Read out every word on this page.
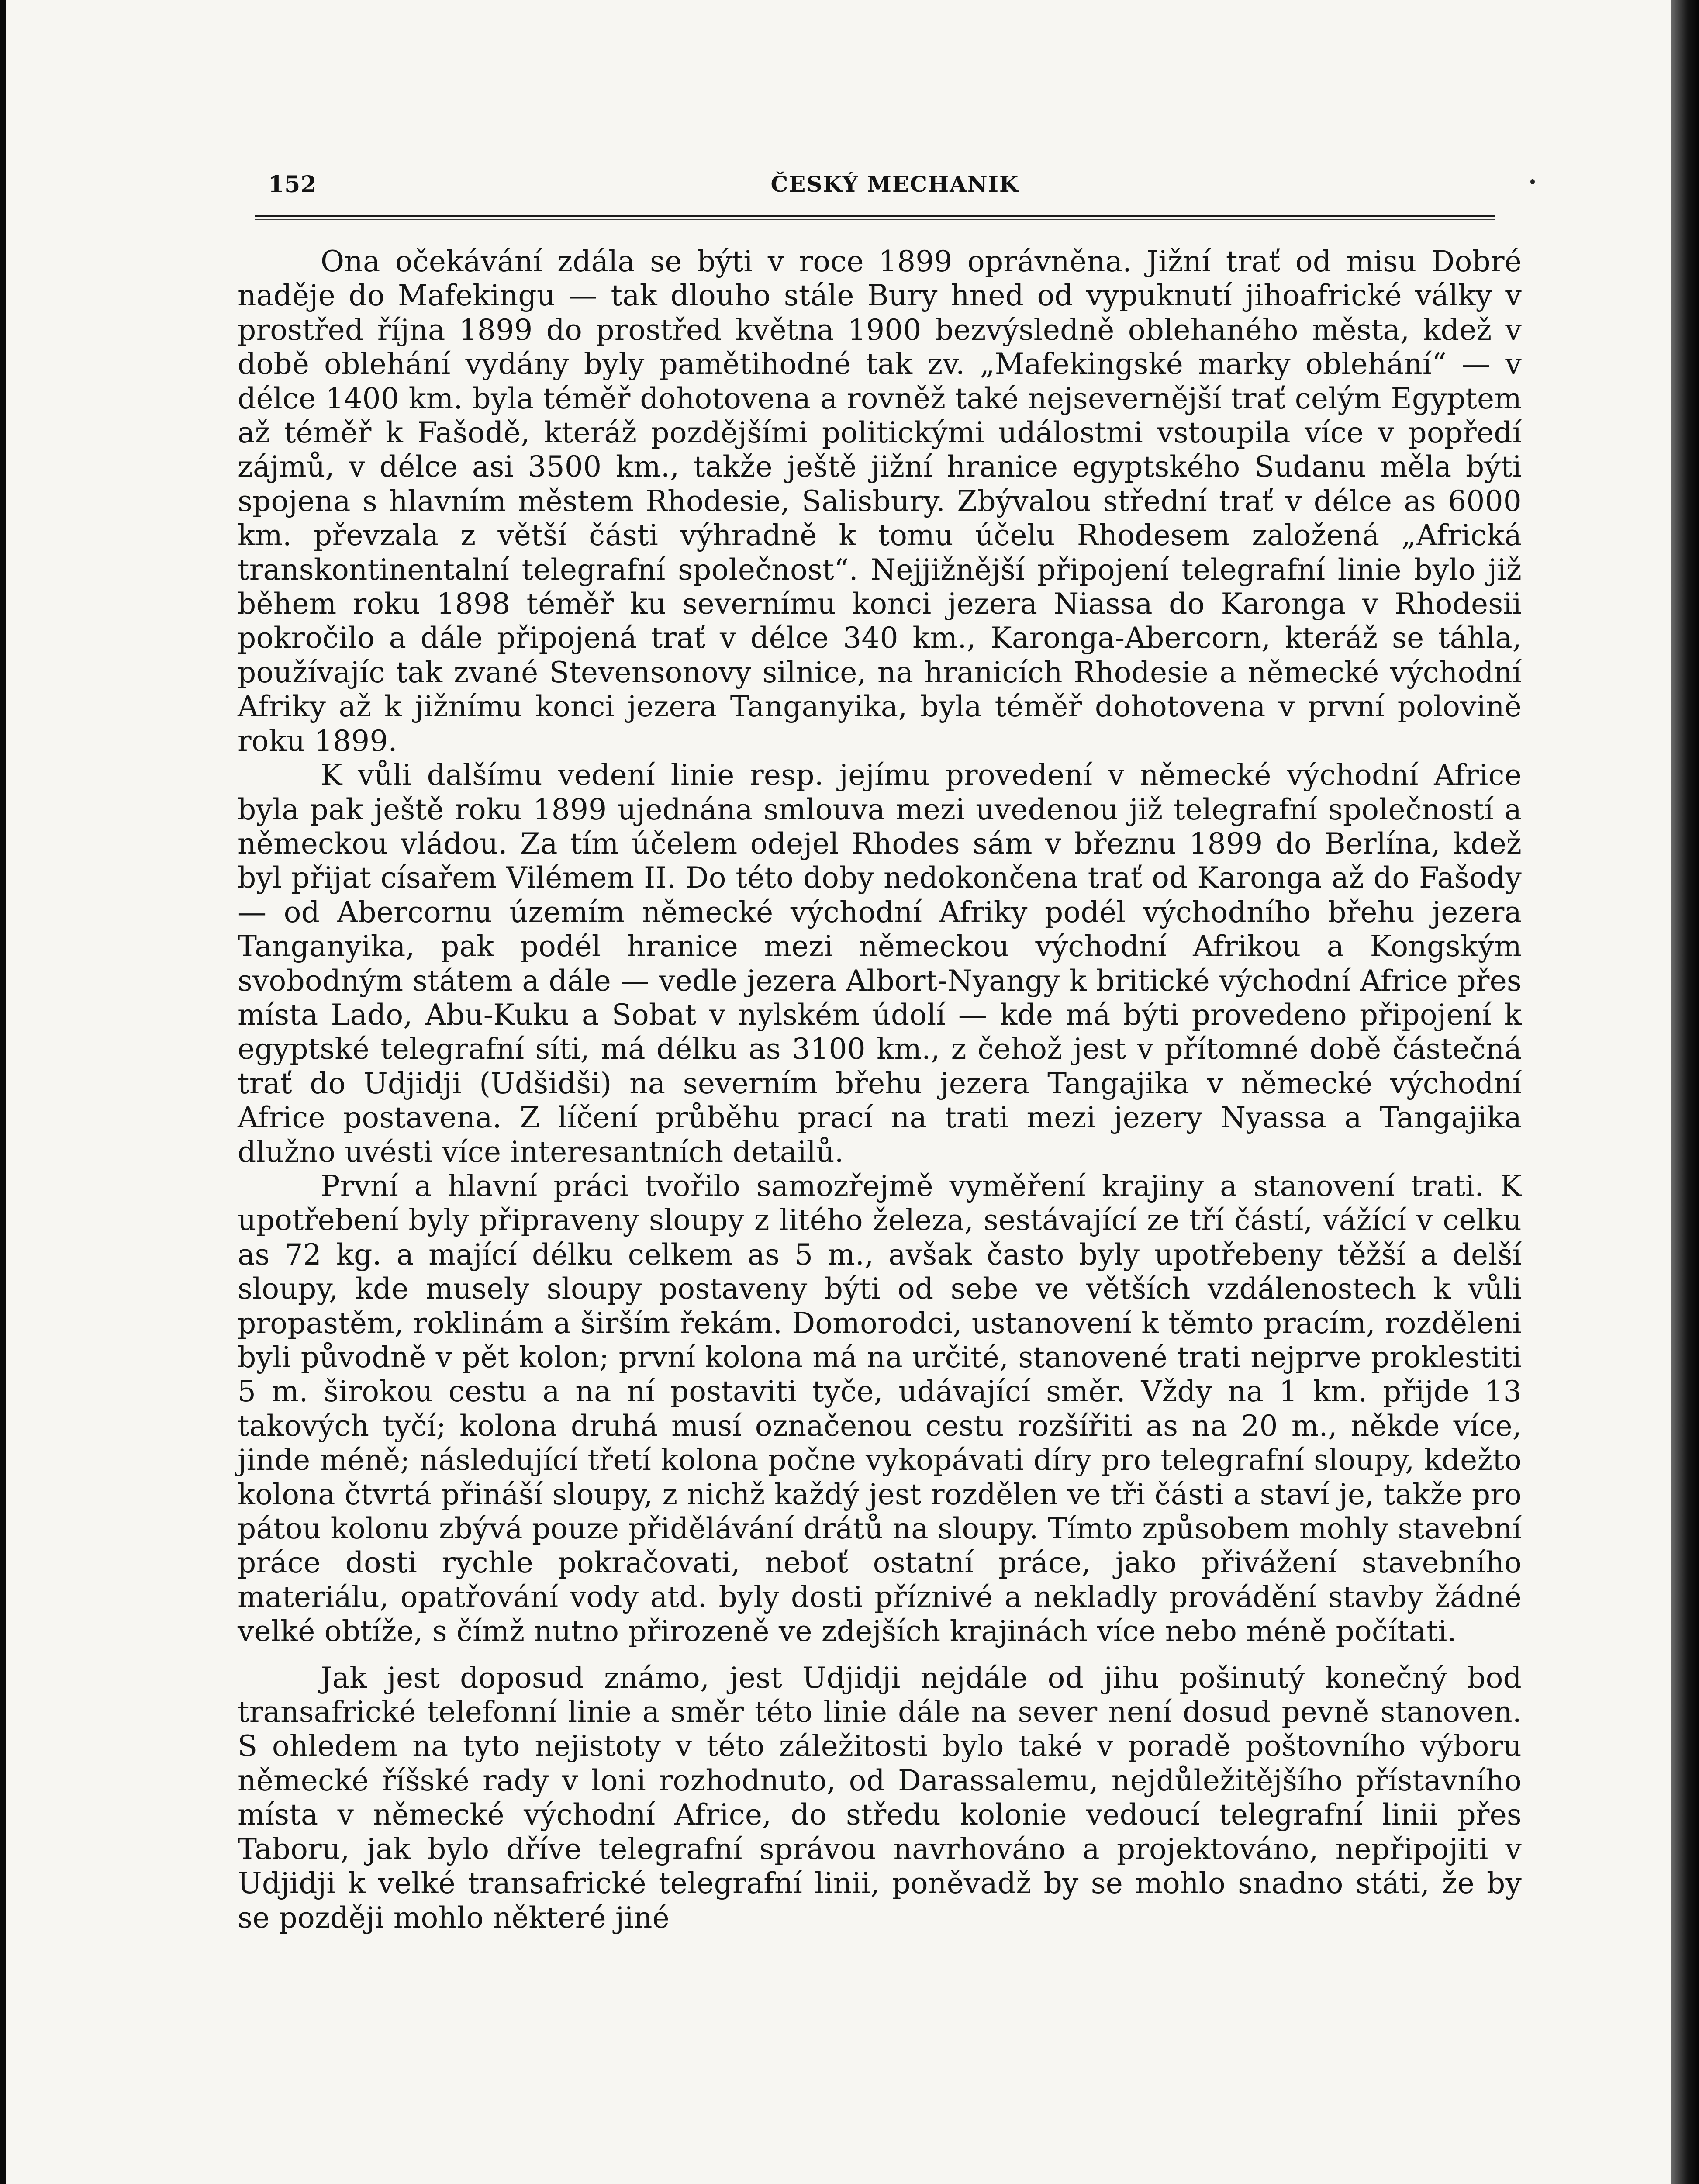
152	ČESKÝ MECHANIK

Ona očekávání zdála se býti v roce 1899 oprávněna. Jižní trať od misu Dobré naděje do Mafekingu — tak dlouho stále Bury hned od vypuknutí jihoafrické války v prostřed října 1899 do prostřed května 1900 bezvýsledně oblehaného města, kdež v době oblehání vydány byly pamětihodné tak zv. „Mafekingské marky oblehání“ — v délce 1400 km. byla téměř dohotovena a rovněž také nejsevernější trať celým Egyptem až téměř k Fašodě, kteráž pozdějšími politickými událostmi vstoupila více v popředí zájmů, v délce asi 3500 km., takže ještě jižní hranice egyptského Sudanu měla býti spojena s hlavním městem Rhodesie, Salisbury. Zbývalou střední trať v délce as 6000 km. převzala z větší části výhradně k tomu účelu Rhodesem založená „Africká transkontinentalní telegrafní společnost“. Nejjižnější připojení telegrafní linie bylo již během roku 1898 téměř ku severnímu konci jezera Niassa do Karonga v Rhodesii pokročilo a dále připojená trať v délce 340 km., Karonga-Abercorn, kteráž se táhla, používajíc tak zvané Stevensonovy silnice, na hranicích Rhodesie a německé východní Afriky až k jižnímu konci jezera Tanganyika, byla téměř dohotovena v první polovině roku 1899.

K vůli dalšímu vedení linie resp. jejímu provedení v německé východní Africe byla pak ještě roku 1899 ujednána smlouva mezi uvedenou již telegrafní společností a německou vládou. Za tím účelem odejel Rhodes sám v březnu 1899 do Berlína, kdež byl přijat císařem Vilémem II. Do této doby nedokončena trať od Karonga až do Fašody — od Abercornu územím německé východní Afriky podél východního břehu jezera Tanganyika, pak podél hranice mezi německou východní Afrikou a Kongským svobodným státem a dále — vedle jezera Albort-Nyangy k britické východní Africe přes místa Lado, Abu-Kuku a Sobat v nylském údolí — kde má býti provedeno připojení k egyptské telegrafní síti, má délku as 3100 km., z čehož jest v přítomné době částečná trať do Udjidji (Udšidši) na severním břehu jezera Tangajika v německé východní Africe postavena. Z líčení průběhu prací na trati mezi jezery Nyassa a Tangajika dlužno uvésti více interesantních detailů.

První a hlavní práci tvořilo samozřejmě vyměření krajiny a stanovení trati. K upotřebení byly připraveny sloupy z litého železa, sestávající ze tří částí, vážící v celku as 72 kg. a mající délku celkem as 5 m., avšak často byly upotřebeny těžší a delší sloupy, kde musely sloupy postaveny býti od sebe ve větších vzdálenostech k vůli propastěm, roklinám a širším řekám. Domorodci, ustanovení k těmto pracím, rozděleni byli původně v pět kolon; první kolona má na určité, stanovené trati nejprve proklestiti 5 m. širokou cestu a na ní postaviti tyče, udávající směr. Vždy na 1 km. přijde 13 takových tyčí; kolona druhá musí označenou cestu rozšířiti as na 20 m., někde více, jinde méně; následující třetí kolona počne vykopávati díry pro telegrafní sloupy, kdežto kolona čtvrtá přináší sloupy, z nichž každý jest rozdělen ve tři části a staví je, takže pro pátou kolonu zbývá pouze přidělávání drátů na sloupy. Tímto způsobem mohly stavební práce dosti rychle pokračovati, neboť ostatní práce, jako přivážení stavebního materiálu, opatřování vody atd. byly dosti příznivé a nekladly provádění stavby žádné velké obtíže, s čímž nutno přirozeně ve zdejších krajinách více nebo méně počítati.

Jak jest doposud známo, jest Udjidji nejdále od jihu pošinutý konečný bod transafrické telefonní linie a směr této linie dále na sever není dosud pevně stanoven. S ohledem na tyto nejistoty v této záležitosti bylo také v poradě poštovního výboru německé říšské rady v loni rozhodnuto, od Darassalemu, nejdůležitějšího přístavního místa v německé východní Africe, do středu kolonie vedoucí telegrafní linii přes Taboru, jak bylo dříve telegrafní správou navrhováno a projektováno, nepřipojiti v Udjidji k velké transafrické telegrafní linii, poněvadž by se mohlo snadno státi, že by se později mohlo některé jiné
